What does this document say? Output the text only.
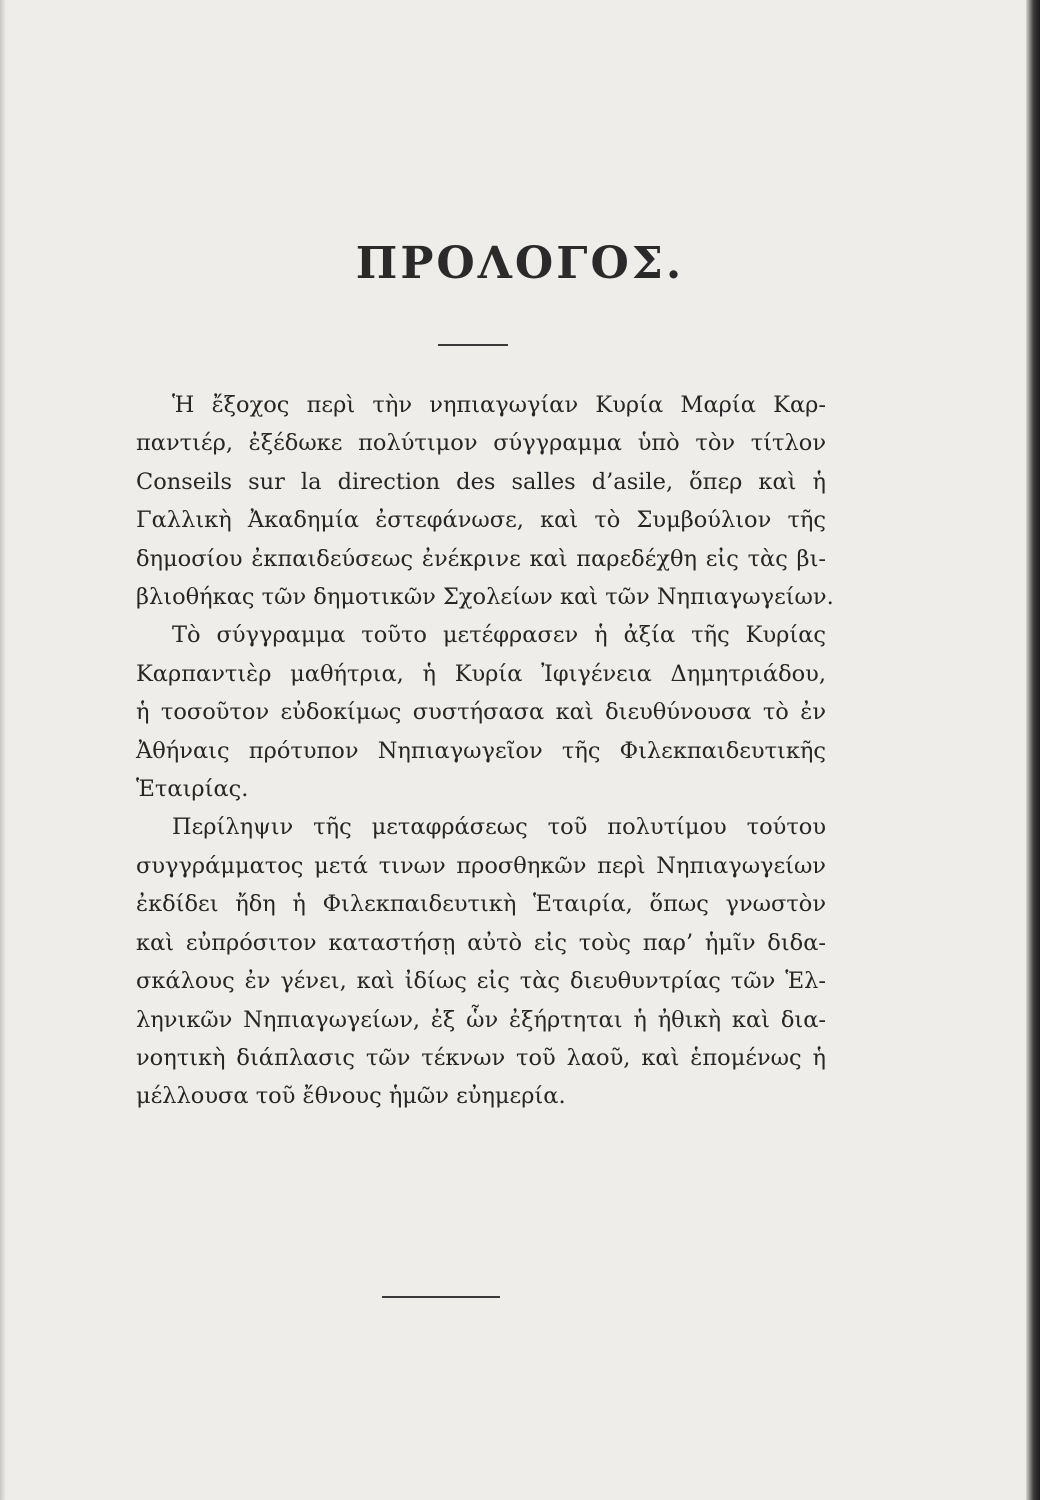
ΠΡΟΛΟΓΟΣ.

Ἡ ἔξοχος περὶ τὴν νηπιαγωγίαν Κυρία Μαρία Καρ-
παντιέρ, ἐξέδωκε πολύτιμον σύγγραμμα ὑπὸ τὸν τίτλον
Conseils sur la direction des salles d’asile, ὅπερ καὶ ἡ
Γαλλικὴ Ἀκαδημία ἐστεφάνωσε, καὶ τὸ Συμβούλιον τῆς
δημοσίου ἐκπαιδεύσεως ἐνέκρινε καὶ παρεδέχθη εἰς τὰς βι-
βλιοθήκας τῶν δημοτικῶν Σχολείων καὶ τῶν Νηπιαγωγείων.

Τὸ σύγγραμμα τοῦτο μετέφρασεν ἡ ἀξία τῆς Κυρίας
Καρπαντιὲρ μαθήτρια, ἡ Κυρία Ἰφιγένεια Δημητριάδου,
ἡ τοσοῦτον εὐδοκίμως συστήσασα καὶ διευθύνουσα τὸ ἐν
Ἀθήναις πρότυπον Νηπιαγωγεῖον τῆς Φιλεκπαιδευτικῆς
Ἑταιρίας.

Περίληψιν τῆς μεταφράσεως τοῦ πολυτίμου τούτου
συγγράμματος μετά τινων προσθηκῶν περὶ Νηπιαγωγείων
ἐκδίδει ἤδη ἡ Φιλεκπαιδευτικὴ Ἑταιρία, ὅπως γνωστὸν
καὶ εὐπρόσιτον καταστήσῃ αὐτὸ εἰς τοὺς παρ’ ἡμῖν διδα-
σκάλους ἐν γένει, καὶ ἰδίως εἰς τὰς διευθυντρίας τῶν Ἑλ-
ληνικῶν Νηπιαγωγείων, ἐξ ὧν ἐξήρτηται ἡ ἠθικὴ καὶ δια-
νοητικὴ διάπλασις τῶν τέκνων τοῦ λαοῦ, καὶ ἑπομένως ἡ
μέλλουσα τοῦ ἔθνους ἡμῶν εὐημερία.
